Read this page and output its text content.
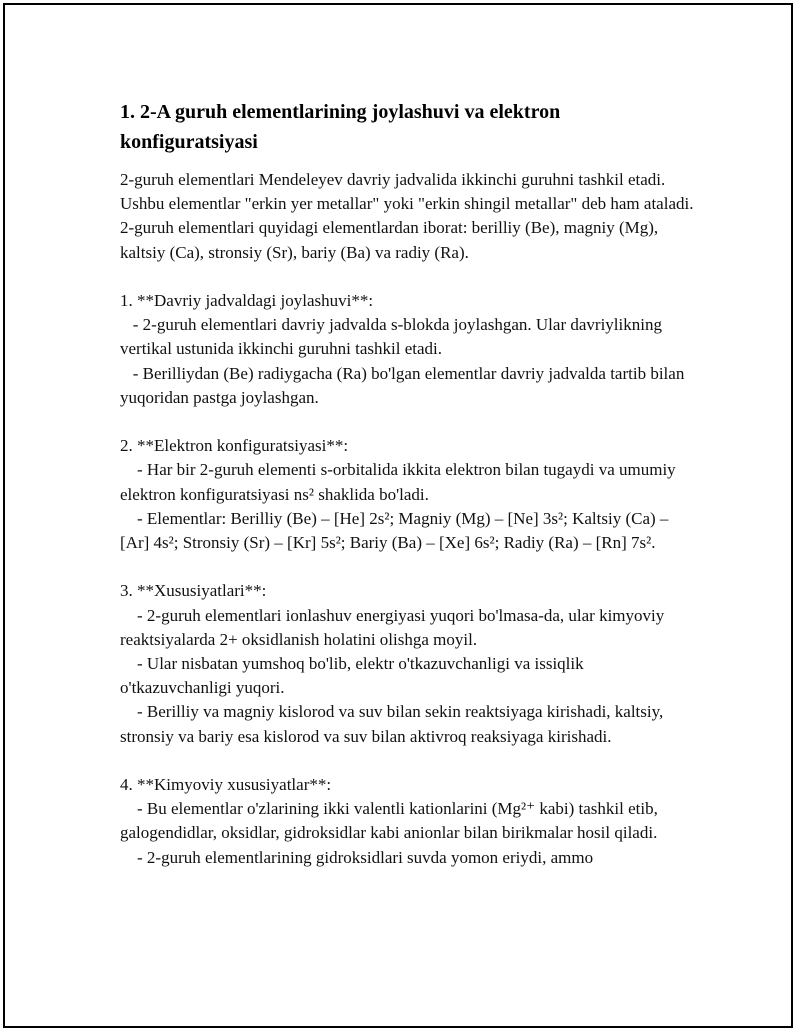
1. 2-A guruh elementlarining joylashuvi va elektron konfiguratsiyasi

2-guruh elementlari Mendeleyev davriy jadvalida ikkinchi guruhni tashkil etadi. Ushbu elementlar "erkin yer metallar" yoki "erkin shingil metallar" deb ham ataladi. 2-guruh elementlari quyidagi elementlardan iborat: berilliy (Be), magniy (Mg), kaltsiy (Ca), stronsiy (Sr), bariy (Ba) va radiy (Ra).

1. **Davriy jadvaldagi joylashuvi**:

- 2-guruh elementlari davriy jadvalda s-blokda joylashgan. Ular davriylikning vertikal ustunida ikkinchi guruhni tashkil etadi.

- Berilliydan (Be) radiygacha (Ra) bo'lgan elementlar davriy jadvalda tartib bilan yuqoridan pastga joylashgan.

2. **Elektron konfiguratsiyasi**:

- Har bir 2-guruh elementi s-orbitalida ikkita elektron bilan tugaydi va umumiy elektron konfiguratsiyasi ns² shaklida bo'ladi.

- Elementlar: Berilliy (Be) – [He] 2s²; Magniy (Mg) – [Ne] 3s²; Kaltsiy (Ca) – [Ar] 4s²; Stronsiy (Sr) – [Kr] 5s²; Bariy (Ba) – [Xe] 6s²; Radiy (Ra) – [Rn] 7s².

3. **Xususiyatlari**:

- 2-guruh elementlari ionlashuv energiyasi yuqori bo'lmasa-da, ular kimyoviy reaktsiyalarda 2+ oksidlanish holatini olishga moyil.

- Ular nisbatan yumshoq bo'lib, elektr o'tkazuvchanligi va issiqlik o'tkazuvchanligi yuqori.

- Berilliy va magniy kislorod va suv bilan sekin reaktsiyaga kirishadi, kaltsiy, stronsiy va bariy esa kislorod va suv bilan aktivroq reaksiyaga kirishadi.

4. **Kimyoviy xususiyatlar**:

- Bu elementlar o'zlarining ikki valentli kationlarini (Mg²⁺ kabi) tashkil etib, galogendidlar, oksidlar, gidroksidlar kabi anionlar bilan birikmalar hosil qiladi.

- 2-guruh elementlarining gidroksidlari suvda yomon eriydi, ammo
